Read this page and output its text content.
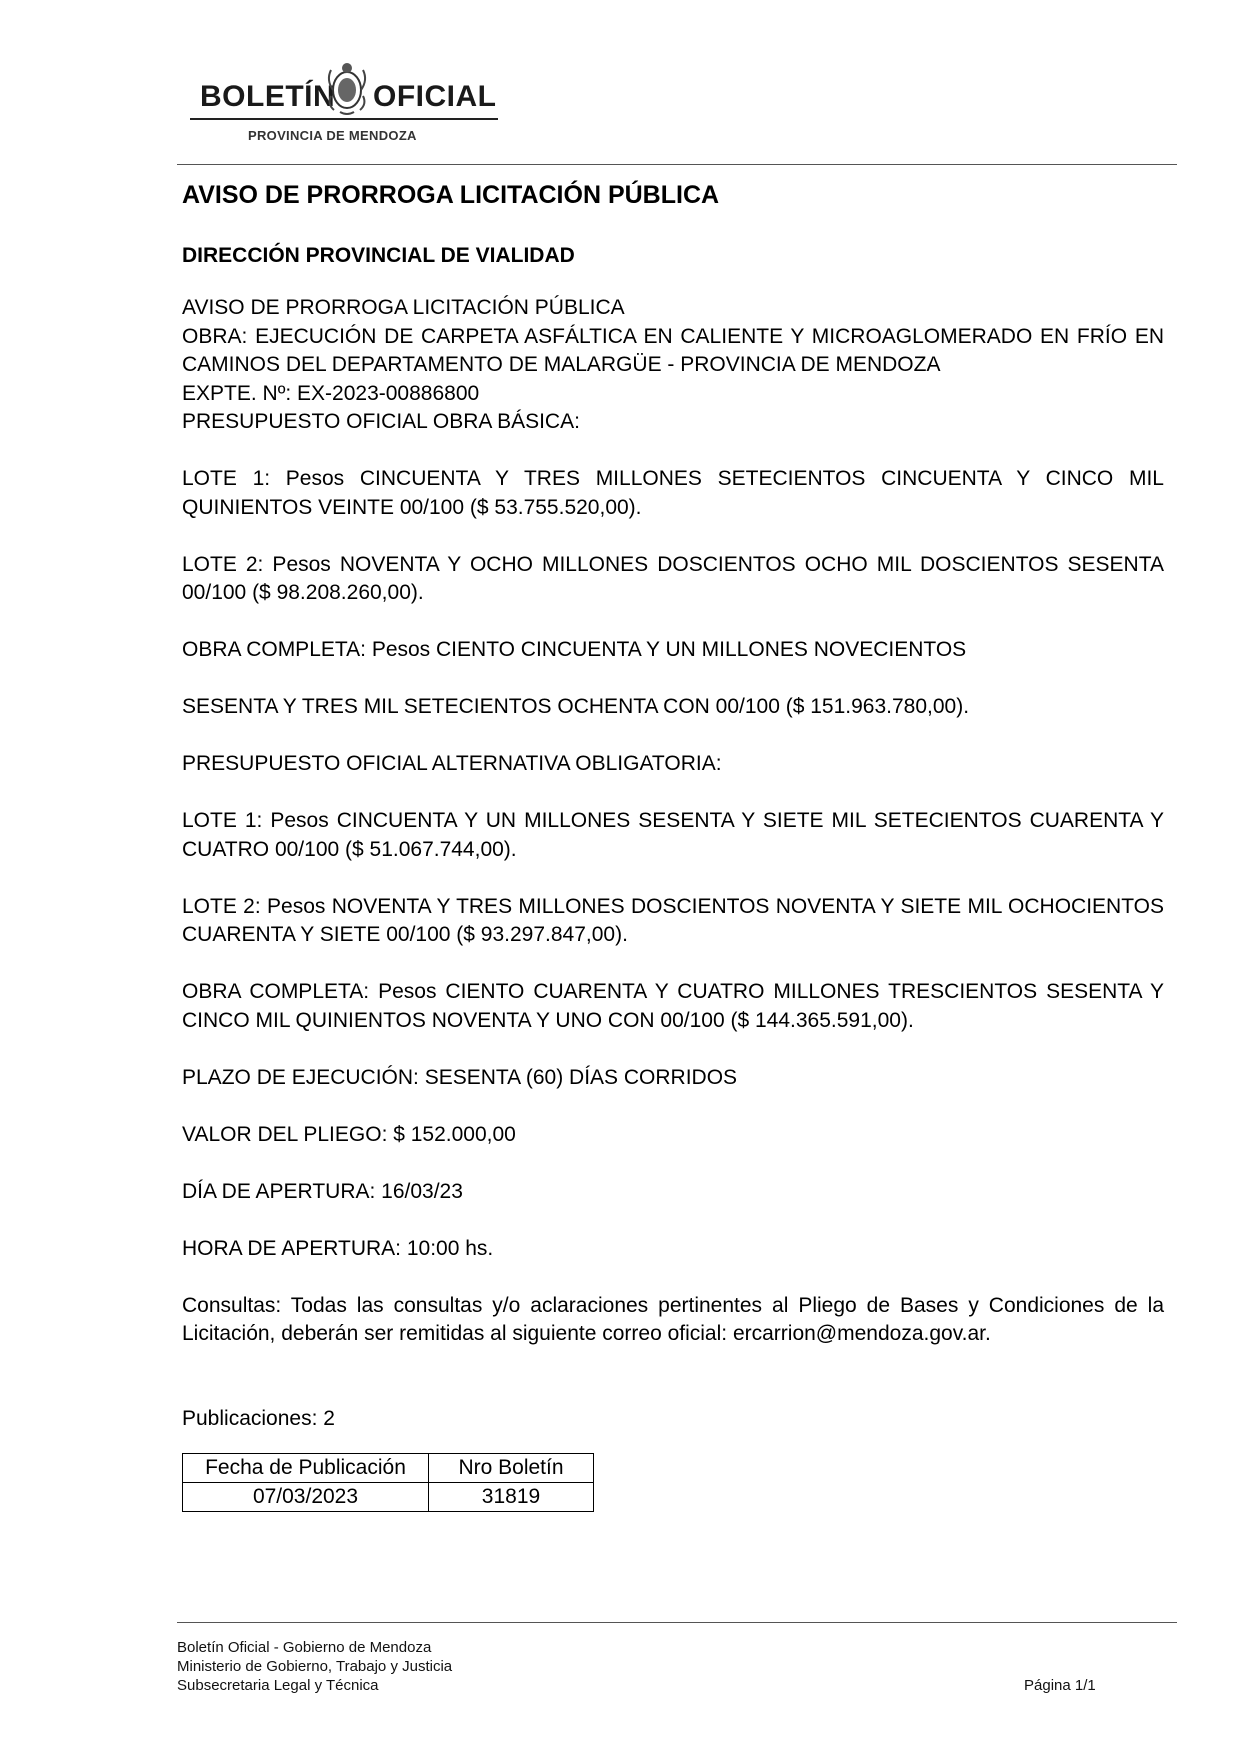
BOLETÍN OFICIAL
PROVINCIA DE MENDOZA
AVISO DE PRORROGA LICITACIÓN PÚBLICA
DIRECCIÓN PROVINCIAL DE VIALIDAD

AVISO DE PRORROGA LICITACIÓN PÚBLICA

OBRA: EJECUCIÓN DE CARPETA ASFÁLTICA EN CALIENTE Y MICROAGLOMERADO EN FRÍO EN CAMINOS DEL DEPARTAMENTO DE MALARGÜE - PROVINCIA DE MENDOZA

EXPTE. Nº: EX-2023-00886800

PRESUPUESTO OFICIAL OBRA BÁSICA:

LOTE 1: Pesos CINCUENTA Y TRES MILLONES SETECIENTOS CINCUENTA Y CINCO MIL QUINIENTOS VEINTE 00/100 ($ 53.755.520,00).

LOTE 2: Pesos NOVENTA Y OCHO MILLONES DOSCIENTOS OCHO MIL DOSCIENTOS SESENTA 00/100 ($ 98.208.260,00).

OBRA COMPLETA: Pesos CIENTO CINCUENTA Y UN MILLONES NOVECIENTOS

SESENTA Y TRES MIL SETECIENTOS OCHENTA CON 00/100 ($ 151.963.780,00).

PRESUPUESTO OFICIAL ALTERNATIVA OBLIGATORIA:

LOTE 1: Pesos CINCUENTA Y UN MILLONES SESENTA Y SIETE MIL SETECIENTOS CUARENTA Y CUATRO 00/100 ($ 51.067.744,00).

LOTE 2: Pesos NOVENTA Y TRES MILLONES DOSCIENTOS NOVENTA Y SIETE MIL OCHOCIENTOS CUARENTA Y SIETE 00/100 ($ 93.297.847,00).

OBRA COMPLETA: Pesos CIENTO CUARENTA Y CUATRO MILLONES TRESCIENTOS SESENTA Y CINCO MIL QUINIENTOS NOVENTA Y UNO CON 00/100 ($ 144.365.591,00).

PLAZO DE EJECUCIÓN: SESENTA (60) DÍAS CORRIDOS

VALOR DEL PLIEGO: $ 152.000,00

DÍA DE APERTURA: 16/03/23

HORA DE APERTURA: 10:00 hs.

Consultas: Todas las consultas y/o aclaraciones pertinentes al Pliego de Bases y Condiciones de la Licitación, deberán ser remitidas al siguiente correo oficial: ercarrion@mendoza.gov.ar.

Publicaciones: 2
Fecha de Publicación	Nro Boletín
07/03/2023	31819
Boletín Oficial - Gobierno de Mendoza
Ministerio de Gobierno, Trabajo y Justicia
Subsecretaria Legal y Técnica	Página 1/1
